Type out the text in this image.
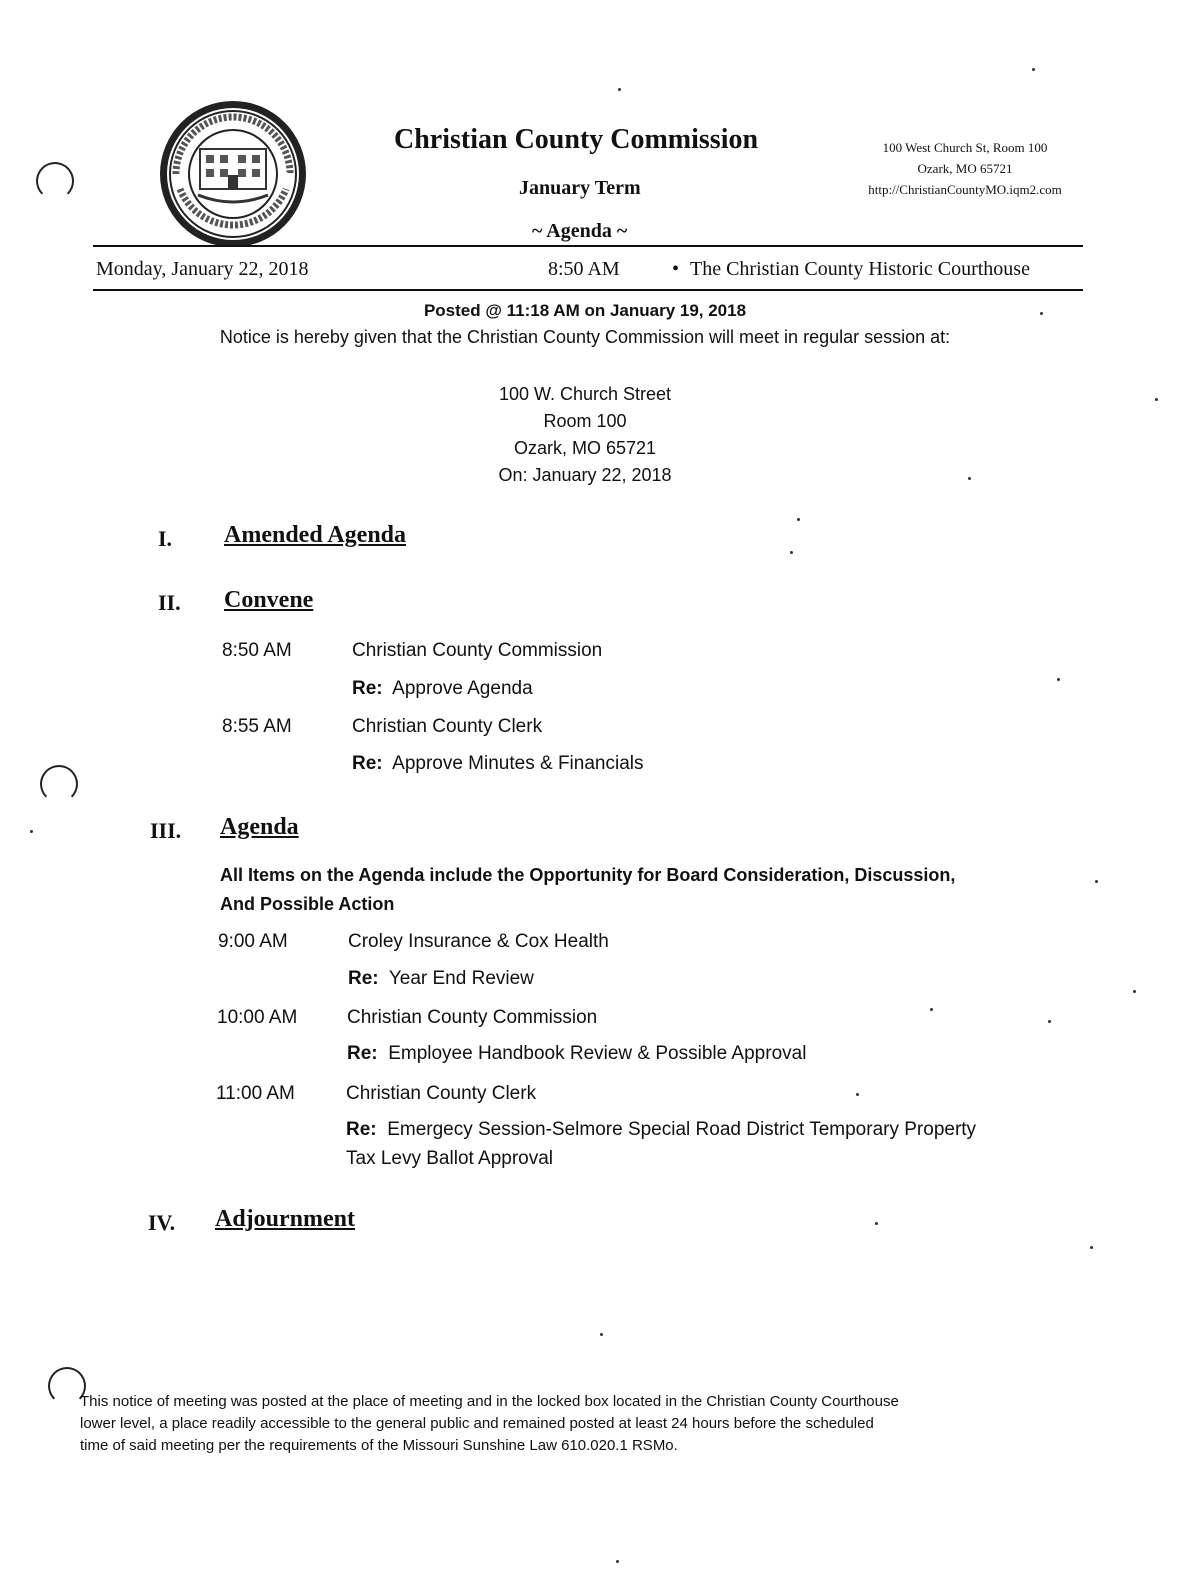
★	★
Christian County Commission
January Term
~ Agenda ~
100 West Church St, Room 100
Ozark, MO 65721
http://ChristianCountyMO.iqm2.com
Monday, January 22, 2018	8:50 AM	• The Christian County Historic Courthouse
Posted @ 11:18 AM on January 19, 2018
Notice is hereby given that the Christian County Commission will meet in regular session at:
100 W. Church Street
Room 100
Ozark, MO 65721
On: January 22, 2018
I. Amended Agenda
II. Convene
8:50 AM	Christian County Commission
Re: Approve Agenda
8:55 AM	Christian County Clerk
Re: Approve Minutes & Financials
III. Agenda
All Items on the Agenda include the Opportunity for Board Consideration, Discussion,
And Possible Action
9:00 AM	Croley Insurance & Cox Health
Re: Year End Review
10:00 AM	Christian County Commission
Re: Employee Handbook Review & Possible Approval
11:00 AM	Christian County Clerk
Re: Emergecy Session-Selmore Special Road District Temporary Property
Tax Levy Ballot Approval
IV. Adjournment
This notice of meeting was posted at the place of meeting and in the locked box located in the Christian County Courthouse
lower level, a place readily accessible to the general public and remained posted at least 24 hours before the scheduled
time of said meeting per the requirements of the Missouri Sunshine Law 610.020.1 RSMo.
